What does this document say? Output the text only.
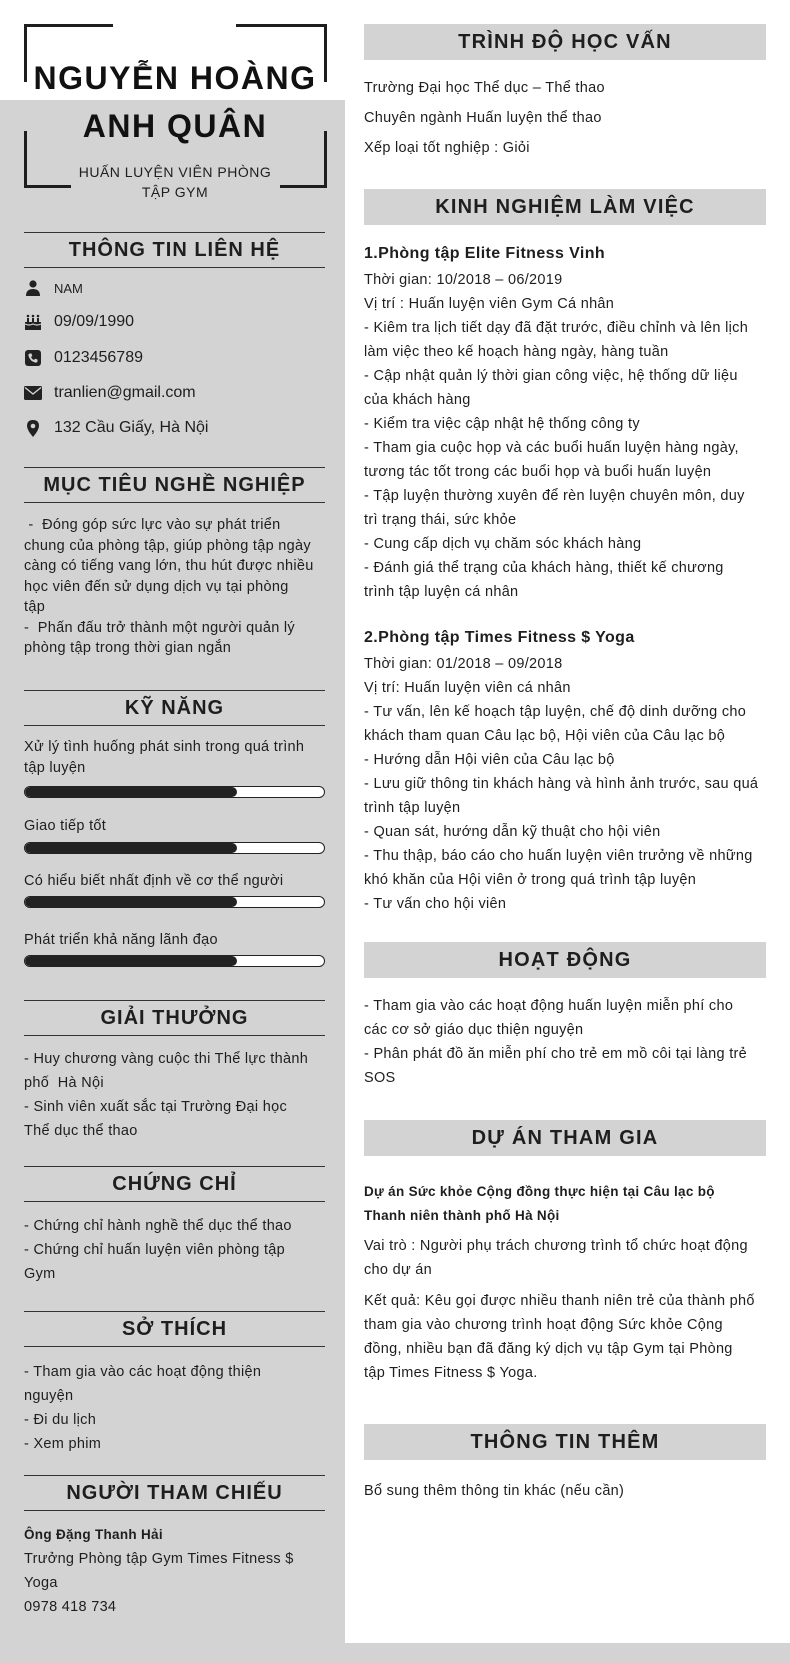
NGUYỄN HOÀNG
ANH QUÂN
HUẤN LUYỆN VIÊN PHÒNG
TẬP GYM
THÔNG TIN LIÊN HỆ
NAM
09/09/1990
0123456789
tranlien@gmail.com
132 Cầu Giấy, Hà Nội
MỤC TIÊU NGHỀ NGHIỆP
-  Đóng góp sức lực vào sự phát triển
chung của phòng tập, giúp phòng tập ngày
càng có tiếng vang lớn, thu hút được nhiều
học viên đến sử dụng dịch vụ tại phòng
tập
-  Phấn đấu trở thành một người quản lý
phòng tập trong thời gian ngắn
KỸ NĂNG
Xử lý tình huống phát sinh trong quá trình
tập luyện
Giao tiếp tốt
Có hiểu biết nhất định về cơ thể người
Phát triển khả năng lãnh đạo
GIẢI THƯỞNG
- Huy chương vàng cuộc thi Thể lực thành
phố  Hà Nội
- Sinh viên xuất sắc tại Trường Đại học
Thể dục thể thao
CHỨNG CHỈ
- Chứng chỉ hành nghề thể dục thể thao
- Chứng chỉ huấn luyện viên phòng tập
Gym
SỞ THÍCH
- Tham gia vào các hoạt động thiện
nguyện
- Đi du lịch
- Xem phim
NGƯỜI THAM CHIẾU
Ông Đặng Thanh Hải
Trưởng Phòng tập Gym Times Fitness $
Yoga
0978 418 734
TRÌNH ĐỘ HỌC VẤN
Trường Đại học Thể dục – Thể thao
Chuyên ngành Huấn luyện thể thao
Xếp loại tốt nghiệp : Giỏi
KINH NGHIỆM LÀM VIỆC
1.Phòng tập Elite Fitness Vinh
Thời gian: 10/2018 – 06/2019
Vị trí : Huấn luyện viên Gym Cá nhân
- Kiêm tra lịch tiết dạy đã đặt trước, điều chỉnh và lên lịch
làm việc theo kế hoạch hàng ngày, hàng tuần
- Cập nhật quản lý thời gian công việc, hệ thống dữ liệu
của khách hàng
- Kiểm tra việc cập nhật hệ thống công ty
- Tham gia cuộc họp và các buổi huấn luyện hàng ngày,
tương tác tốt trong các buổi họp và buổi huấn luyện
- Tập luyện thường xuyên để rèn luyện chuyên môn, duy
trì trạng thái, sức khỏe
- Cung cấp dịch vụ chăm sóc khách hàng
- Đánh giá thể trạng của khách hàng, thiết kế chương
trình tập luyện cá nhân
2.Phòng tập Times Fitness $ Yoga
Thời gian: 01/2018 – 09/2018
Vị trí: Huấn luyện viên cá nhân
- Tư vấn, lên kế hoạch tập luyện, chế độ dinh dưỡng cho
khách tham quan Câu lạc bộ, Hội viên của Câu lạc bộ
- Hướng dẫn Hội viên của Câu lạc bộ
- Lưu giữ thông tin khách hàng và hình ảnh trước, sau quá
trình tập luyện
- Quan sát, hướng dẫn kỹ thuật cho hội viên
- Thu thập, báo cáo cho huấn luyện viên trưởng về những
khó khăn của Hội viên ở trong quá trình tập luyện
- Tư vấn cho hội viên
HOẠT ĐỘNG
- Tham gia vào các hoạt động huấn luyện miễn phí cho
các cơ sở giáo dục thiện nguyện
- Phân phát đồ ăn miễn phí cho trẻ em mồ côi tại làng trẻ
SOS
DỰ ÁN THAM GIA
Dự án Sức khỏe Cộng đồng thực hiện tại Câu lạc bộ
Thanh niên thành phố Hà Nội
Vai trò : Người phụ trách chương trình tổ chức hoạt động
cho dự án
Kết quả: Kêu gọi được nhiều thanh niên trẻ của thành phố
tham gia vào chương trình hoạt động Sức khỏe Cộng
đồng, nhiều bạn đã đăng ký dịch vụ tập Gym tại Phòng
tập Times Fitness $ Yoga.
THÔNG TIN THÊM
Bổ sung thêm thông tin khác (nếu cần)
